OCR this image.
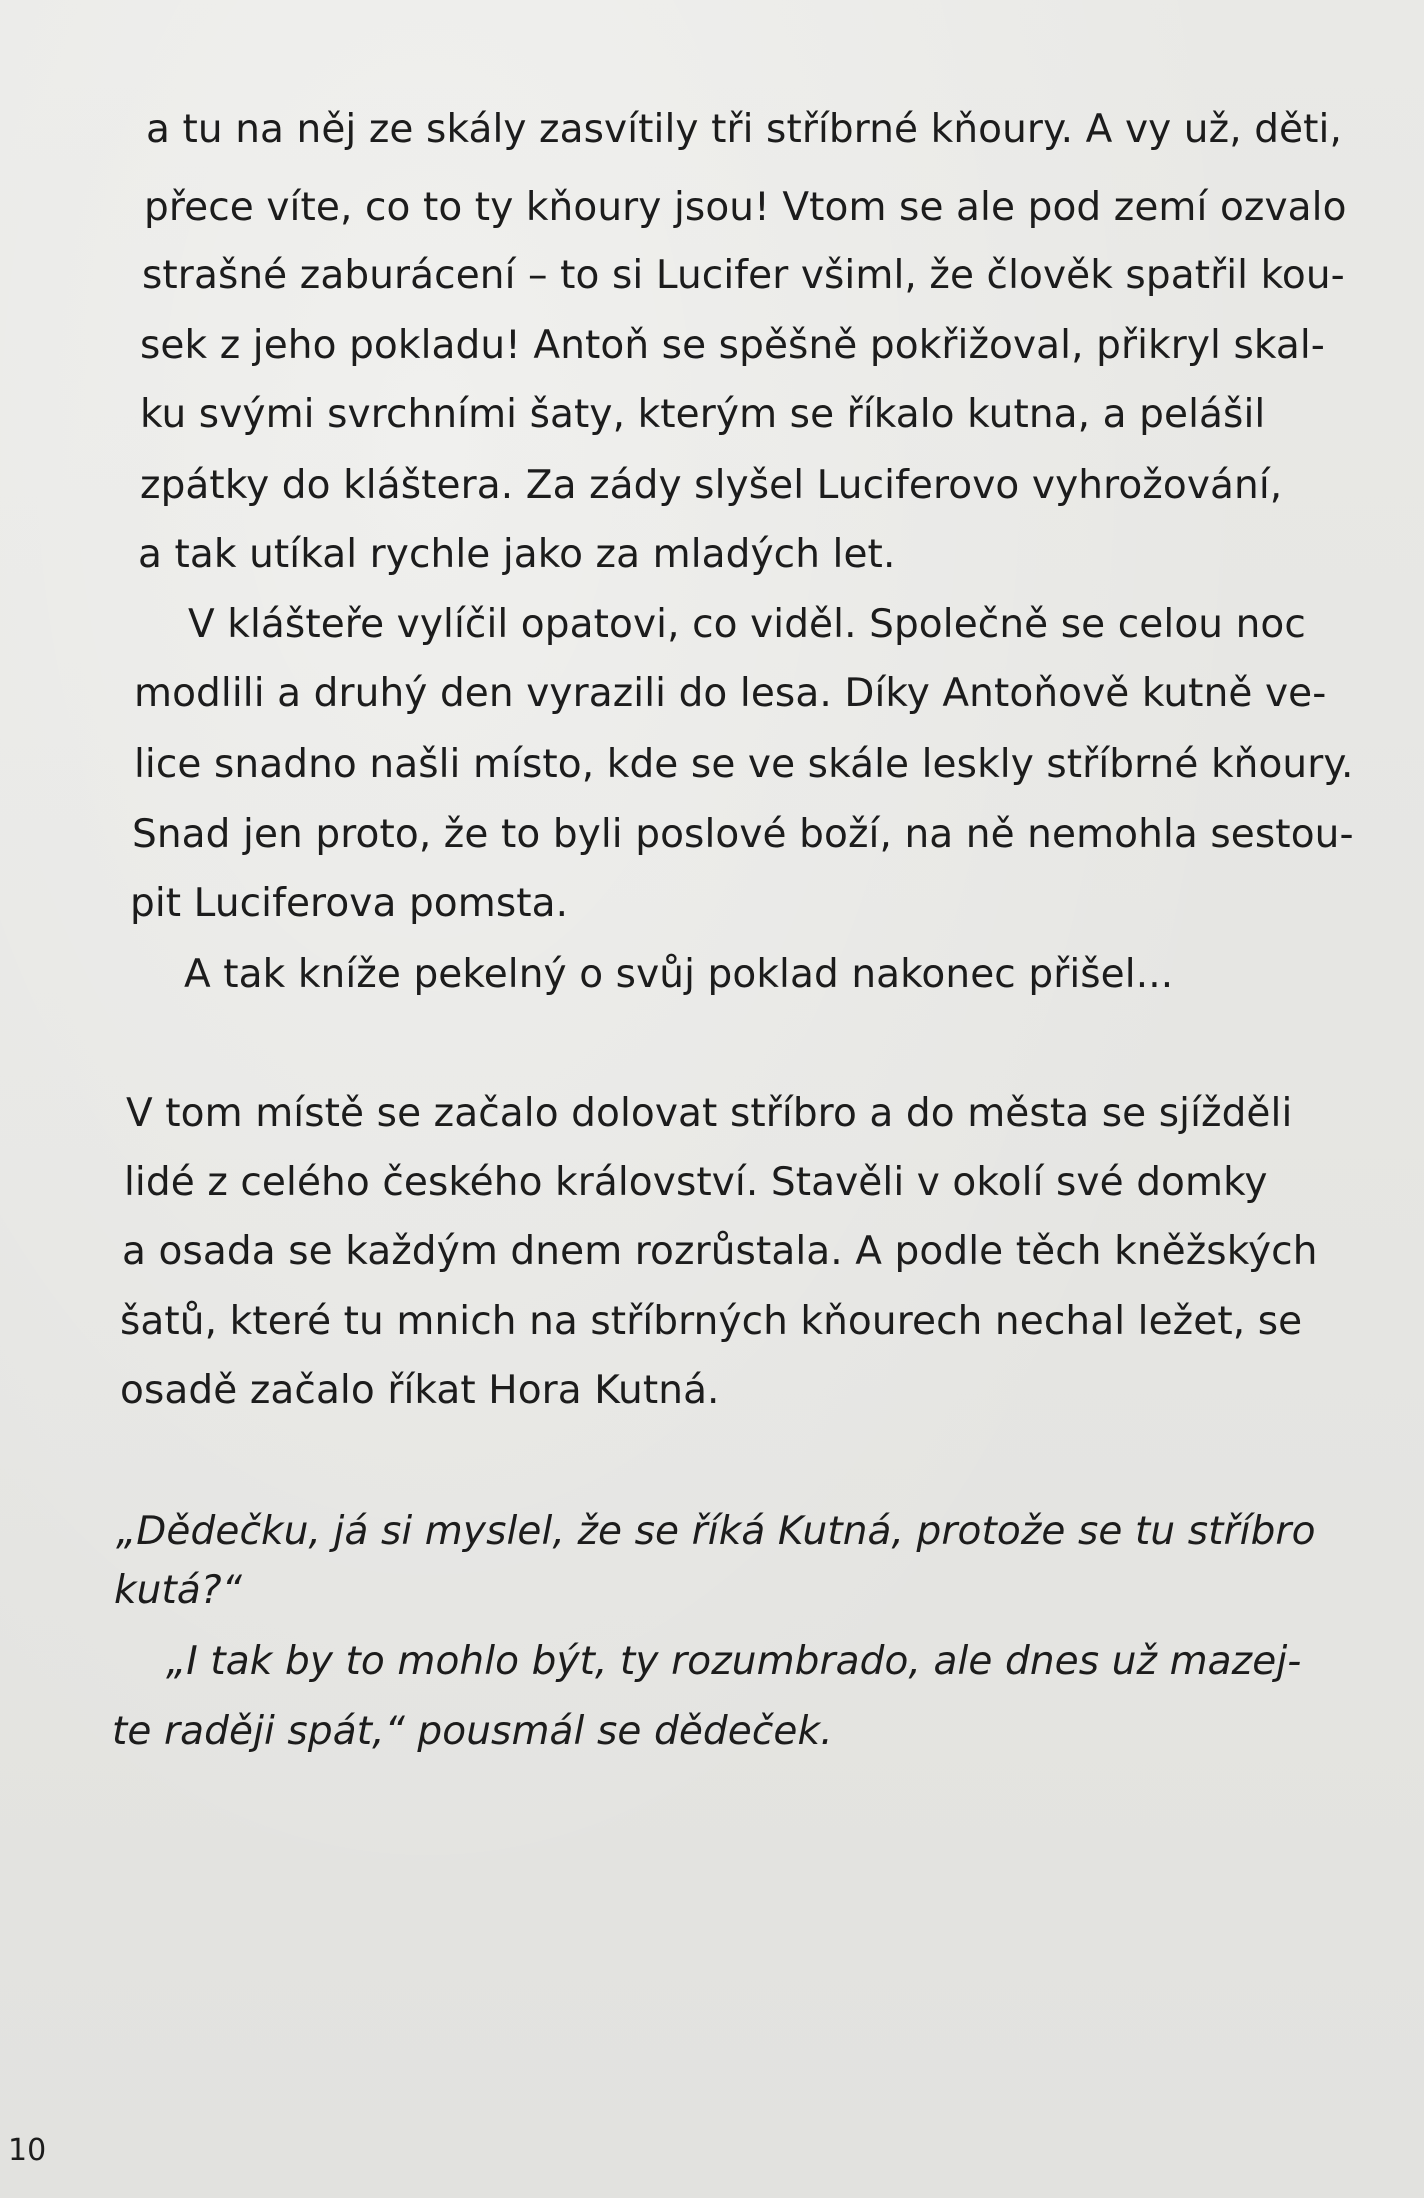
a tu na něj ze skály zasvítily tři stříbrné kňoury. A vy už, děti,
přece víte, co to ty kňoury jsou! Vtom se ale pod zemí ozvalo
strašné zaburácení – to si Lucifer všiml, že člověk spatřil kou-
sek z jeho pokladu! Antoň se spěšně pokřižoval, přikryl skal-
ku svými svrchními šaty, kterým se říkalo kutna, a pelášil
zpátky do kláštera. Za zády slyšel Luciferovo vyhrožování,
a tak utíkal rychle jako za mladých let.
V klášteře vylíčil opatovi, co viděl. Společně se celou noc
modlili a druhý den vyrazili do lesa. Díky Antoňově kutně ve-
lice snadno našli místo, kde se ve skále leskly stříbrné kňoury.
Snad jen proto, že to byli poslové boží, na ně nemohla sestou-
pit Luciferova pomsta.
A tak kníže pekelný o svůj poklad nakonec přišel...
V tom místě se začalo dolovat stříbro a do města se sjížděli
lidé z celého českého království. Stavěli v okolí své domky
a osada se každým dnem rozrůstala. A podle těch kněžských
šatů, které tu mnich na stříbrných kňourech nechal ležet, se
osadě začalo říkat Hora Kutná.
„Dědečku, já si myslel, že se říká Kutná, protože se tu stříbro
kutá?“
„I tak by to mohlo být, ty rozumbrado, ale dnes už mazej-
te raději spát,“ pousmál se dědeček.
10
